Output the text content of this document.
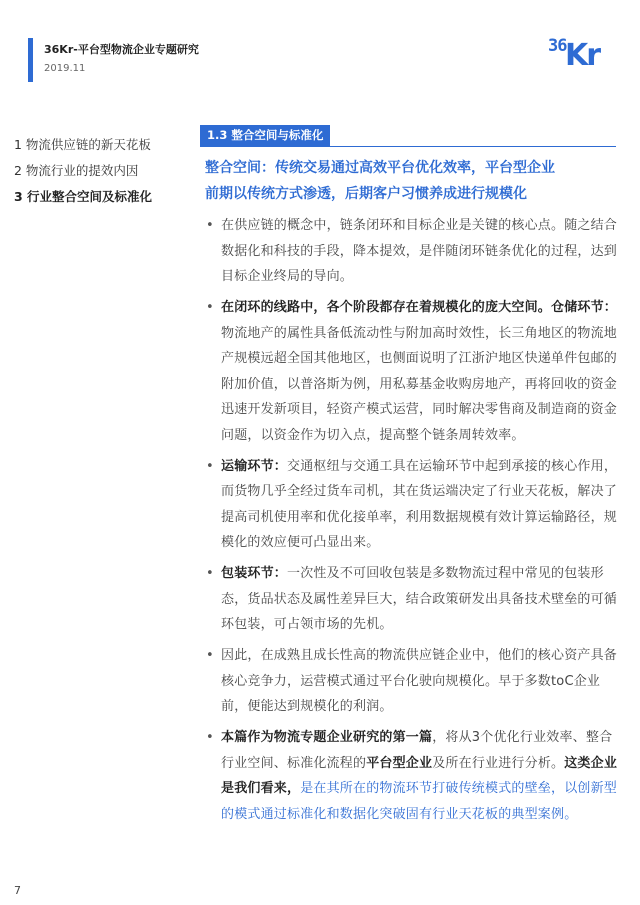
36Kr-平台型物流企业专题研究
2019.11
36
Kr
1 物流供应链的新天花板
2 物流行业的提效内因
3 行业整合空间及标准化
1.3 整合空间与标准化
整合空间：传统交易通过高效平台优化效率，平台型企业
前期以传统方式渗透，后期客户习惯养成进行规模化
• 在供应链的概念中，链条闭环和目标企业是关键的核心点。随之结合数据化和科技的手段，降本提效，是伴随闭环链条优化的过程，达到目标企业终局的导向。
• 在闭环的线路中，各个阶段都存在着规模化的庞大空间。仓储环节：物流地产的属性具备低流动性与附加高时效性，长三角地区的物流地产规模远超全国其他地区，也侧面说明了江浙沪地区快递单件包邮的附加价值，以普洛斯为例，用私募基金收购房地产，再将回收的资金迅速开发新项目，轻资产模式运营，同时解决零售商及制造商的资金问题，以资金作为切入点，提高整个链条周转效率。
• 运输环节：交通枢纽与交通工具在运输环节中起到承接的核心作用，而货物几乎全经过货车司机，其在货运端决定了行业天花板，解决了提高司机使用率和优化接单率，利用数据规模有效计算运输路径，规模化的效应便可凸显出来。
• 包装环节：一次性及不可回收包装是多数物流过程中常见的包装形态，货品状态及属性差异巨大，结合政策研发出具备技术壁垒的可循环包装，可占领市场的先机。
• 因此，在成熟且成长性高的物流供应链企业中，他们的核心资产具备核心竞争力，运营模式通过平台化驶向规模化。早于多数toC企业前，便能达到规模化的利润。
• 本篇作为物流专题企业研究的第一篇，将从3个优化行业效率、整合行业空间、标准化流程的平台型企业及所在行业进行分析。这类企业是我们看来，是在其所在的物流环节打破传统模式的壁垒，以创新型的模式通过标准化和数据化突破固有行业天花板的典型案例。
7
